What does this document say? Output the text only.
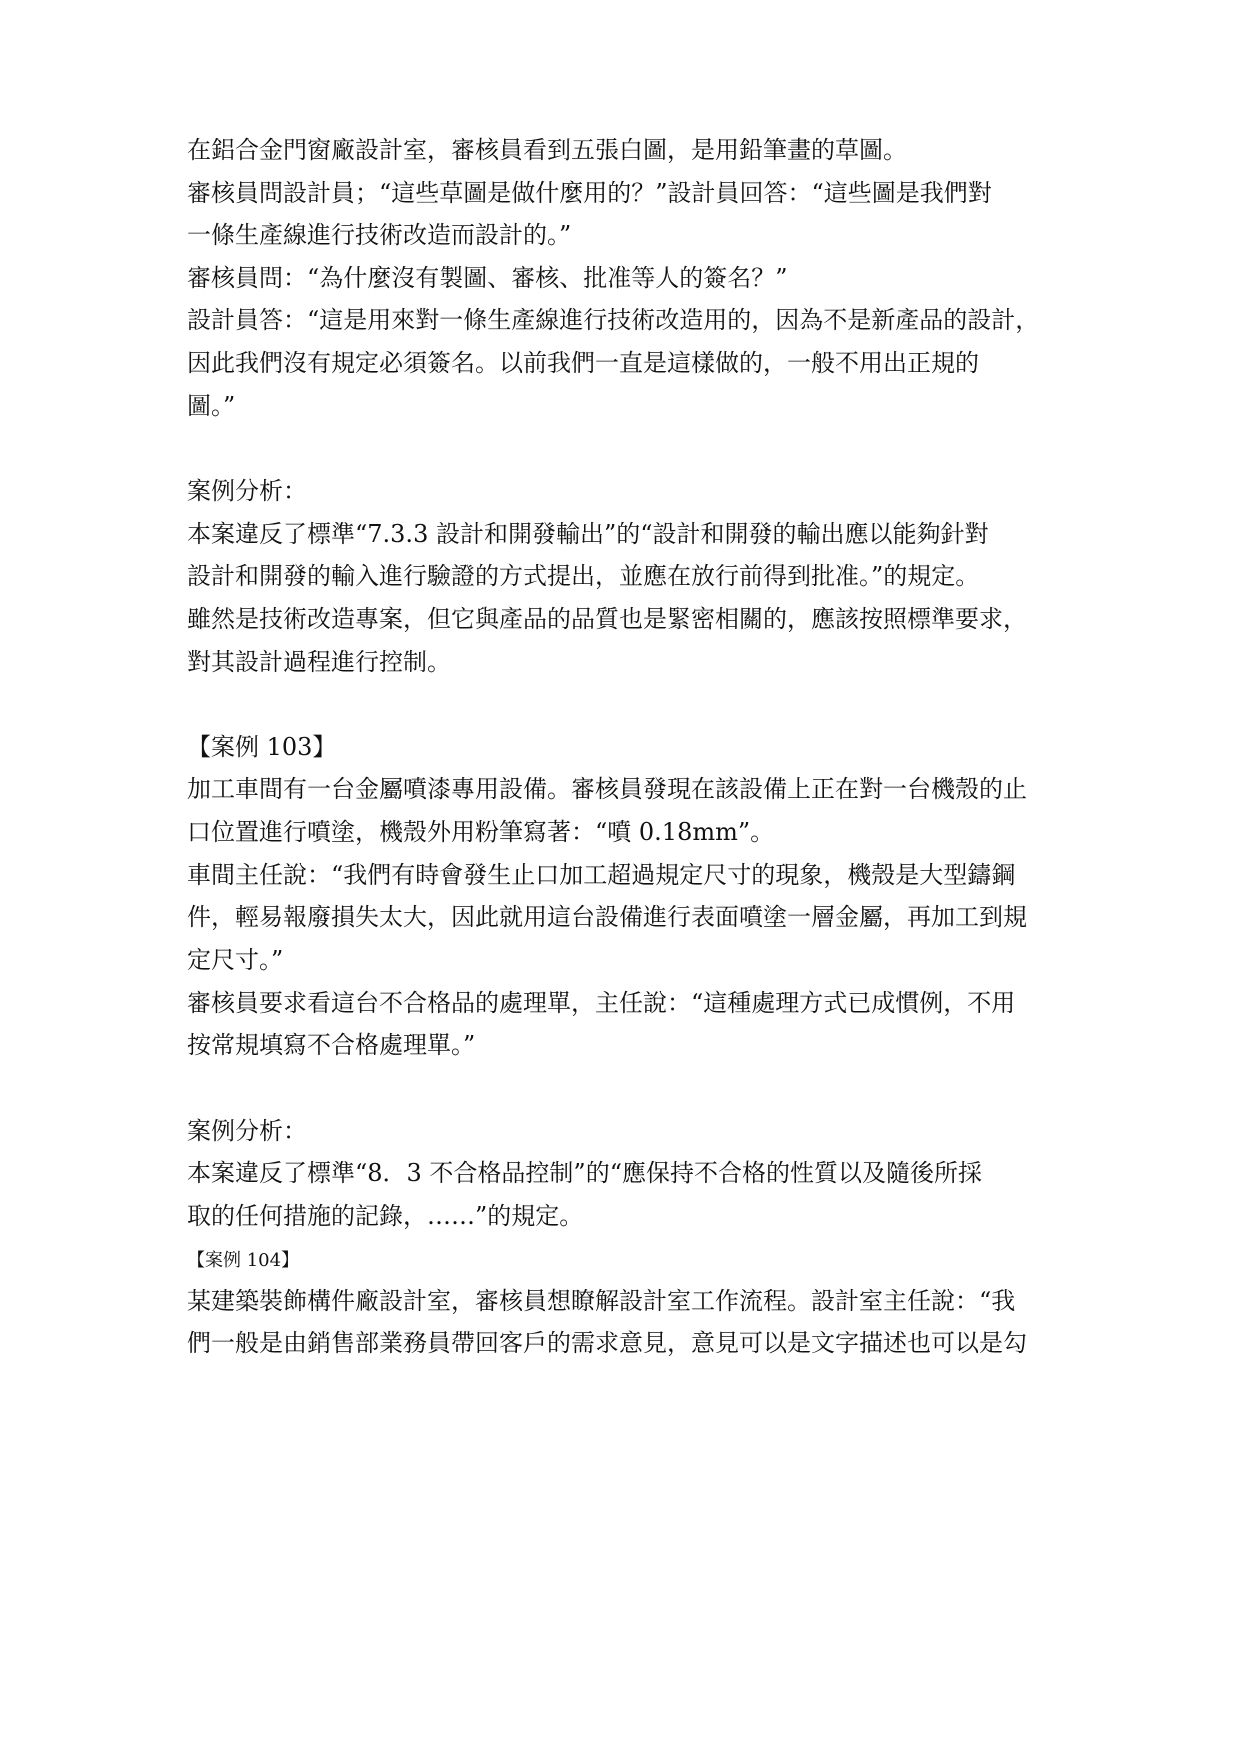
在鋁合金門窗廠設計室，審核員看到五張白圖，是用鉛筆畫的草圖。
審核員問設計員；“這些草圖是做什麼用的？”設計員回答：“這些圖是我們對
一條生產線進行技術改造而設計的。”
審核員問：“為什麼沒有製圖、審核、批准等人的簽名？”
設計員答：“這是用來對一條生產線進行技術改造用的，因為不是新產品的設計，
因此我們沒有規定必須簽名。以前我們一直是這樣做的，一般不用出正規的
圖。”
案例分析：
本案違反了標準“7.3.3 設計和開發輸出”的“設計和開發的輸出應以能夠針對
設計和開發的輸入進行驗證的方式提出，並應在放行前得到批准。”的規定。
雖然是技術改造專案，但它與產品的品質也是緊密相關的，應該按照標準要求，
對其設計過程進行控制。
【案例 103】
加工車間有一台金屬噴漆專用設備。審核員發現在該設備上正在對一台機殼的止
口位置進行噴塗，機殼外用粉筆寫著：“噴 0.18mm”。
車間主任說：“我們有時會發生止口加工超過規定尺寸的現象，機殼是大型鑄鋼
件，輕易報廢損失太大，因此就用這台設備進行表面噴塗一層金屬，再加工到規
定尺寸。”
審核員要求看這台不合格品的處理單，主任說：“這種處理方式已成慣例，不用
按常規填寫不合格處理單。”
案例分析：
本案違反了標準“8．3 不合格品控制”的“應保持不合格的性質以及隨後所採
取的任何措施的記錄，……”的規定。
【案例 104】
某建築裝飾構件廠設計室，審核員想瞭解設計室工作流程。設計室主任說：“我
們一般是由銷售部業務員帶回客戶的需求意見，意見可以是文字描述也可以是勾
